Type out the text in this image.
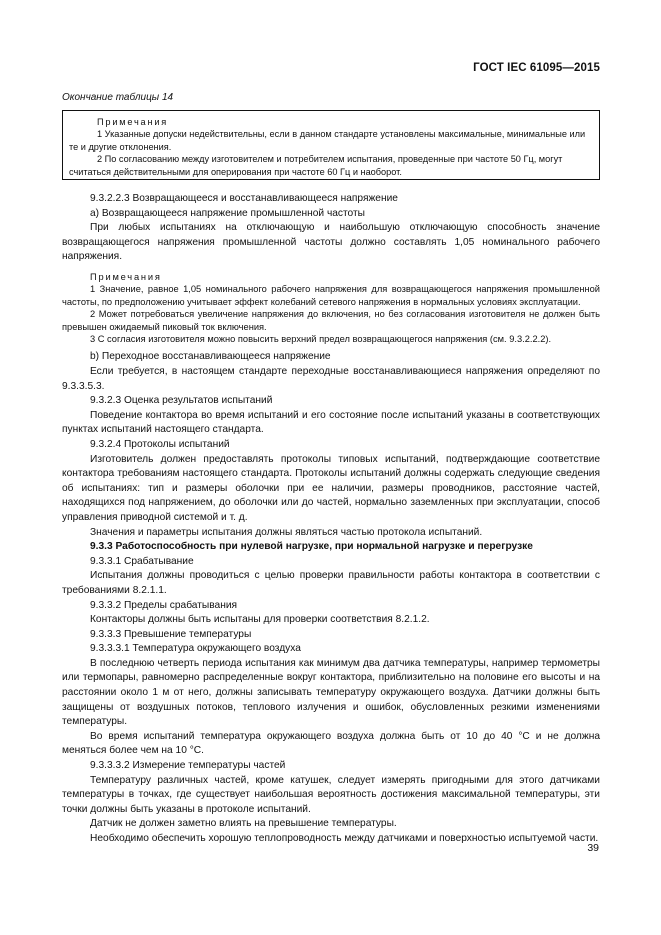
ГОСТ IEC 61095—2015
Окончание таблицы 14
Примечания
1 Указанные допуски недействительны, если в данном стандарте установлены максимальные, минимальные или те и другие отклонения.
2 По согласованию между изготовителем и потребителем испытания, проведенные при частоте 50 Гц, могут считаться действительными для оперирования при частоте 60 Гц и наоборот.

9.3.2.2.3 Возвращающееся и восстанавливающееся напряжение

а) Возвращающееся напряжение промышленной частоты

При любых испытаниях на отключающую и наибольшую отключающую способность значение возвращающегося напряжения промышленной частоты должно составлять 1,05 номинального рабочего напряжения.

Примечания

1 Значение, равное 1,05 номинального рабочего напряжения для возвращающегося напряжения промышленной частоты, по предположению учитывает эффект колебаний сетевого напряжения в нормальных условиях эксплуатации.

2 Может потребоваться увеличение напряжения до включения, но без согласования изготовителя не должен быть превышен ожидаемый пиковый ток включения.

3 С согласия изготовителя можно повысить верхний предел возвращающегося напряжения (см. 9.3.2.2.2).

b) Переходное восстанавливающееся напряжение

Если требуется, в настоящем стандарте переходные восстанавливающиеся напряжения определяют по 9.3.3.5.3.

9.3.2.3 Оценка результатов испытаний

Поведение контактора во время испытаний и его состояние после испытаний указаны в соответствующих пунктах испытаний настоящего стандарта.

9.3.2.4 Протоколы испытаний

Изготовитель должен предоставлять протоколы типовых испытаний, подтверждающие соответствие контактора требованиям настоящего стандарта. Протоколы испытаний должны содержать следующие сведения об испытаниях: тип и размеры оболочки при ее наличии, размеры проводников, расстояние частей, находящихся под напряжением, до оболочки или до частей, нормально заземленных при эксплуатации, способ управления приводной системой и т. д.

Значения и параметры испытания должны являться частью протокола испытаний.

9.3.3 Работоспособность при нулевой нагрузке, при нормальной нагрузке и перегрузке

9.3.3.1 Срабатывание

Испытания должны проводиться с целью проверки правильности работы контактора в соответствии с требованиями 8.2.1.1.

9.3.3.2 Пределы срабатывания

Контакторы должны быть испытаны для проверки соответствия 8.2.1.2.

9.3.3.3 Превышение температуры

9.3.3.3.1 Температура окружающего воздуха

В последнюю четверть периода испытания как минимум два датчика температуры, например термометры или термопары, равномерно распределенные вокруг контактора, приблизительно на половине его высоты и на расстоянии около 1 м от него, должны записывать температуру окружающего воздуха. Датчики должны быть защищены от воздушных потоков, теплового излучения и ошибок, обусловленных резкими изменениями температуры.

Во время испытаний температура окружающего воздуха должна быть от 10 до 40 °С и не должна меняться более чем на 10 °С.

9.3.3.3.2 Измерение температуры частей

Температуру различных частей, кроме катушек, следует измерять пригодными для этого датчиками температуры в точках, где существует наибольшая вероятность достижения максимальной температуры, эти точки должны быть указаны в протоколе испытаний.

Датчик не должен заметно влиять на превышение температуры.

Необходимо обеспечить хорошую теплопроводность между датчиками и поверхностью испытуемой части.

39
